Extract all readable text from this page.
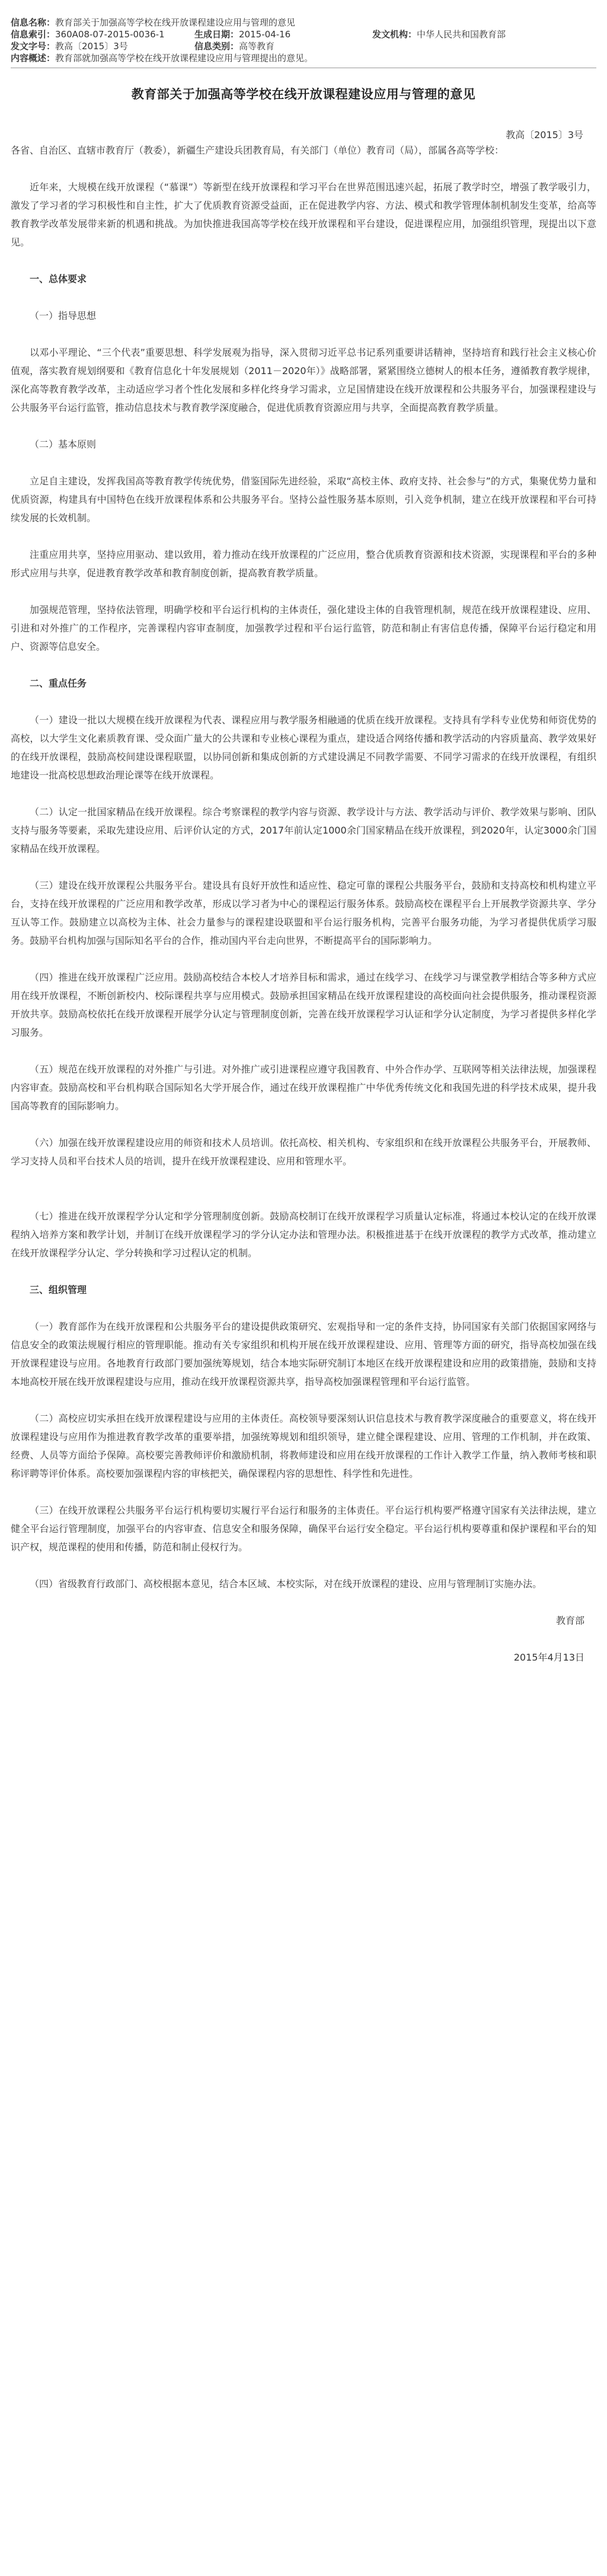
信息名称： 教育部关于加强高等学校在线开放课程建设应用与管理的意见
信息索引： 360A08-07-2015-0036-1	生成日期： 2015-04-16	发文机构： 中华人民共和国教育部
发文字号： 教高〔2015〕3号	信息类别： 高等教育
内容概述： 教育部就加强高等学校在线开放课程建设应用与管理提出的意见。
教育部关于加强高等学校在线开放课程建设应用与管理的意见
教高〔2015〕3号

各省、自治区、直辖市教育厅（教委），新疆生产建设兵团教育局，有关部门（单位）教育司（局），部属各高等学校：

近年来，大规模在线开放课程（“慕课”）等新型在线开放课程和学习平台在世界范围迅速兴起，拓展了教学时空，增强了教学吸引力，激发了学习者的学习积极性和自主性，扩大了优质教育资源受益面，正在促进教学内容、方法、模式和教学管理体制机制发生变革，给高等教育教学改革发展带来新的机遇和挑战。为加快推进我国高等学校在线开放课程和平台建设，促进课程应用，加强组织管理，现提出以下意见。

一、总体要求

（一）指导思想

以邓小平理论、“三个代表”重要思想、科学发展观为指导，深入贯彻习近平总书记系列重要讲话精神，坚持培育和践行社会主义核心价值观，落实教育规划纲要和《教育信息化十年发展规划（2011－2020年）》战略部署，紧紧围绕立德树人的根本任务，遵循教育教学规律，深化高等教育教学改革，主动适应学习者个性化发展和多样化终身学习需求，立足国情建设在线开放课程和公共服务平台，加强课程建设与公共服务平台运行监管，推动信息技术与教育教学深度融合，促进优质教育资源应用与共享，全面提高教育教学质量。

（二）基本原则

立足自主建设，发挥我国高等教育教学传统优势，借鉴国际先进经验，采取“高校主体、政府支持、社会参与”的方式，集聚优势力量和优质资源，构建具有中国特色在线开放课程体系和公共服务平台。坚持公益性服务基本原则，引入竞争机制，建立在线开放课程和平台可持续发展的长效机制。

注重应用共享，坚持应用驱动、建以致用，着力推动在线开放课程的广泛应用，整合优质教育资源和技术资源，实现课程和平台的多种形式应用与共享，促进教育教学改革和教育制度创新，提高教育教学质量。

加强规范管理，坚持依法管理，明确学校和平台运行机构的主体责任，强化建设主体的自我管理机制，规范在线开放课程建设、应用、引进和对外推广的工作程序，完善课程内容审查制度，加强教学过程和平台运行监管，防范和制止有害信息传播，保障平台运行稳定和用户、资源等信息安全。

二、重点任务

（一）建设一批以大规模在线开放课程为代表、课程应用与教学服务相融通的优质在线开放课程。支持具有学科专业优势和师资优势的高校，以大学生文化素质教育课、受众面广量大的公共课和专业核心课程为重点，建设适合网络传播和教学活动的内容质量高、教学效果好的在线开放课程，鼓励高校间建设课程联盟，以协同创新和集成创新的方式建设满足不同教学需要、不同学习需求的在线开放课程，有组织地建设一批高校思想政治理论课等在线开放课程。

（二）认定一批国家精品在线开放课程。综合考察课程的教学内容与资源、教学设计与方法、教学活动与评价、教学效果与影响、团队支持与服务等要素，采取先建设应用、后评价认定的方式，2017年前认定1000余门国家精品在线开放课程，到2020年，认定3000余门国家精品在线开放课程。

（三）建设在线开放课程公共服务平台。建设具有良好开放性和适应性、稳定可靠的课程公共服务平台，鼓励和支持高校和机构建立平台，支持在线开放课程的广泛应用和教学改革，形成以学习者为中心的课程运行服务体系。鼓励高校在课程平台上开展教学资源共享、学分互认等工作。鼓励建立以高校为主体、社会力量参与的课程建设联盟和平台运行服务机构，完善平台服务功能，为学习者提供优质学习服务。鼓励平台机构加强与国际知名平台的合作，推动国内平台走向世界，不断提高平台的国际影响力。

（四）推进在线开放课程广泛应用。鼓励高校结合本校人才培养目标和需求，通过在线学习、在线学习与课堂教学相结合等多种方式应用在线开放课程，不断创新校内、校际课程共享与应用模式。鼓励承担国家精品在线开放课程建设的高校面向社会提供服务，推动课程资源开放共享。鼓励高校依托在线开放课程开展学分认定与管理制度创新，完善在线开放课程学习认证和学分认定制度，为学习者提供多样化学习服务。

（五）规范在线开放课程的对外推广与引进。对外推广或引进课程应遵守我国教育、中外合作办学、互联网等相关法律法规，加强课程内容审查。鼓励高校和平台机构联合国际知名大学开展合作，通过在线开放课程推广中华优秀传统文化和我国先进的科学技术成果，提升我国高等教育的国际影响力。

（六）加强在线开放课程建设应用的师资和技术人员培训。依托高校、相关机构、专家组织和在线开放课程公共服务平台，开展教师、学习支持人员和平台技术人员的培训，提升在线开放课程建设、应用和管理水平。

（七）推进在线开放课程学分认定和学分管理制度创新。鼓励高校制订在线开放课程学习质量认定标准，将通过本校认定的在线开放课程纳入培养方案和教学计划，并制订在线开放课程学习的学分认定办法和管理办法。积极推进基于在线开放课程的教学方式改革，推动建立在线开放课程学分认定、学分转换和学习过程认定的机制。

三、组织管理

（一）教育部作为在线开放课程和公共服务平台的建设提供政策研究、宏观指导和一定的条件支持，协同国家有关部门依据国家网络与信息安全的政策法规履行相应的管理职能。推动有关专家组织和机构开展在线开放课程建设、应用、管理等方面的研究，指导高校加强在线开放课程建设与应用。各地教育行政部门要加强统筹规划，结合本地实际研究制订本地区在线开放课程建设和应用的政策措施，鼓励和支持本地高校开展在线开放课程建设与应用，推动在线开放课程资源共享，指导高校加强课程管理和平台运行监管。

（二）高校应切实承担在线开放课程建设与应用的主体责任。高校领导要深刻认识信息技术与教育教学深度融合的重要意义，将在线开放课程建设与应用作为推进教育教学改革的重要举措，加强统筹规划和组织领导，建立健全课程建设、应用、管理的工作机制，并在政策、经费、人员等方面给予保障。高校要完善教师评价和激励机制，将教师建设和应用在线开放课程的工作计入教学工作量，纳入教师考核和职称评聘等评价体系。高校要加强课程内容的审核把关，确保课程内容的思想性、科学性和先进性。

（三）在线开放课程公共服务平台运行机构要切实履行平台运行和服务的主体责任。平台运行机构要严格遵守国家有关法律法规，建立健全平台运行管理制度，加强平台的内容审查、信息安全和服务保障，确保平台运行安全稳定。平台运行机构要尊重和保护课程和平台的知识产权，规范课程的使用和传播，防范和制止侵权行为。

（四）省级教育行政部门、高校根据本意见，结合本区域、本校实际，对在线开放课程的建设、应用与管理制订实施办法。

教育部

2015年4月13日
